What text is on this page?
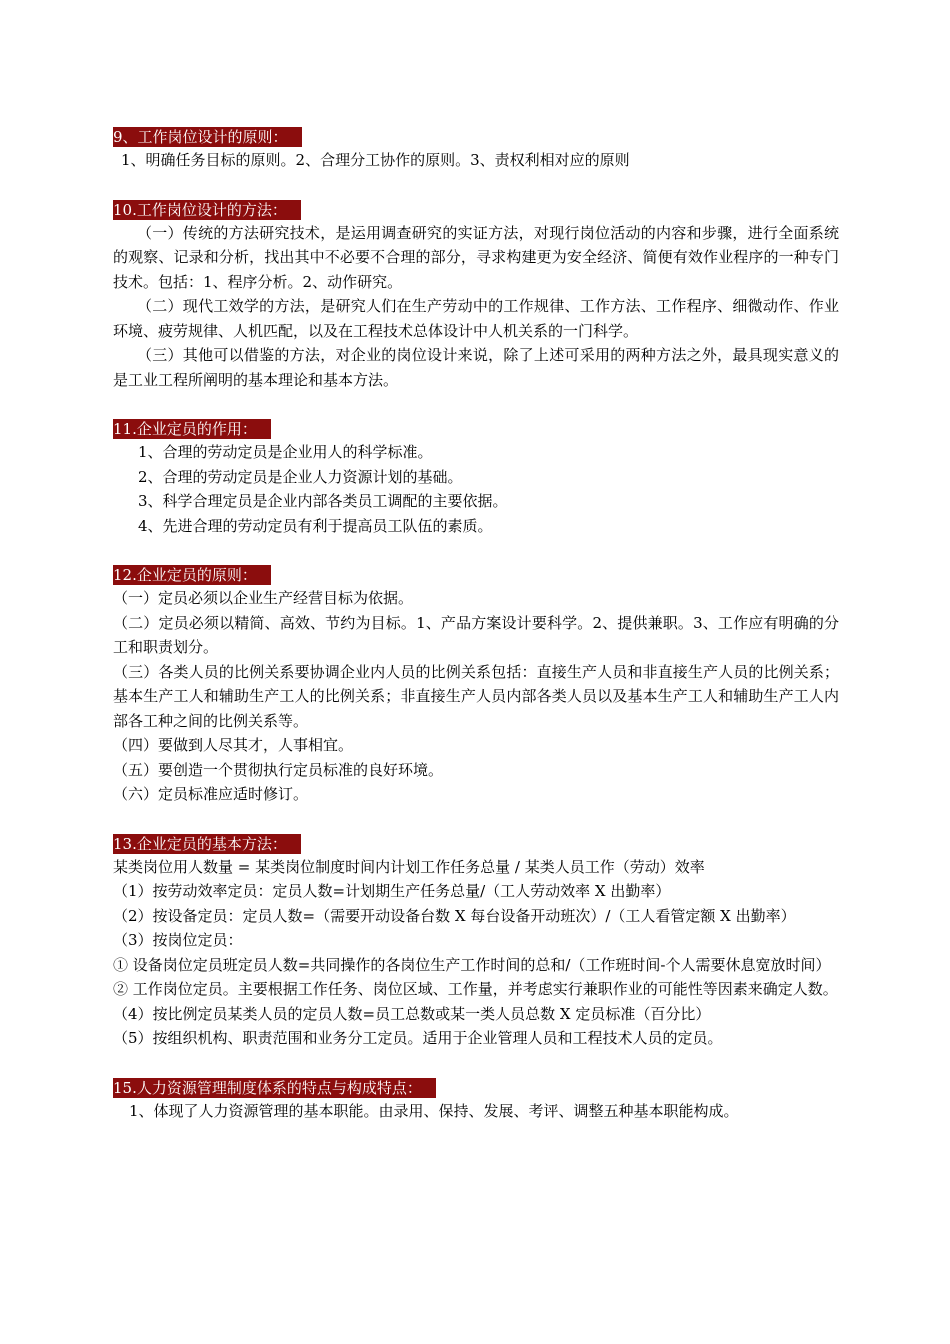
9、工作岗位设计的原则：

1、明确任务目标的原则。2、合理分工协作的原则。3、责权利相对应的原则

10.工作岗位设计的方法：

（一）传统的方法研究技术，是运用调查研究的实证方法，对现行岗位活动的内容和步骤，进行全面系统的观察、记录和分析，找出其中不必要不合理的部分，寻求构建更为安全经济、简便有效作业程序的一种专门技术。包括：1、程序分析。2、动作研究。

（二）现代工效学的方法，是研究人们在生产劳动中的工作规律、工作方法、工作程序、细微动作、作业环境、疲劳规律、人机匹配，以及在工程技术总体设计中人机关系的一门科学。

（三）其他可以借鉴的方法，对企业的岗位设计来说，除了上述可采用的两种方法之外，最具现实意义的是工业工程所阐明的基本理论和基本方法。

11.企业定员的作用：

1、合理的劳动定员是企业用人的科学标准。

2、合理的劳动定员是企业人力资源计划的基础。

3、科学合理定员是企业内部各类员工调配的主要依据。

4、先进合理的劳动定员有利于提高员工队伍的素质。

12.企业定员的原则：

（一）定员必须以企业生产经营目标为依据。

（二）定员必须以精简、高效、节约为目标。1、产品方案设计要科学。2、提供兼职。3、工作应有明确的分工和职责划分。

（三）各类人员的比例关系要协调企业内人员的比例关系包括：直接生产人员和非直接生产人员的比例关系；基本生产工人和辅助生产工人的比例关系；非直接生产人员内部各类人员以及基本生产工人和辅助生产工人内部各工种之间的比例关系等。

（四）要做到人尽其才，人事相宜。

（五）要创造一个贯彻执行定员标准的良好环境。

（六）定员标准应适时修订。

13.企业定员的基本方法：

某类岗位用人数量 = 某类岗位制度时间内计划工作任务总量 / 某类人员工作（劳动）效率

（1）按劳动效率定员：定员人数=计划期生产任务总量/（工人劳动效率 X 出勤率）

（2）按设备定员：定员人数=（需要开动设备台数 X 每台设备开动班次）/（工人看管定额 X 出勤率）

（3）按岗位定员：

① 设备岗位定员班定员人数=共同操作的各岗位生产工作时间的总和/（工作班时间-个人需要休息宽放时间）

② 工作岗位定员。主要根据工作任务、岗位区域、工作量，并考虑实行兼职作业的可能性等因素来确定人数。

（4）按比例定员某类人员的定员人数=员工总数或某一类人员总数 X 定员标准（百分比）

（5）按组织机构、职责范围和业务分工定员。适用于企业管理人员和工程技术人员的定员。

15.人力资源管理制度体系的特点与构成特点：

1、体现了人力资源管理的基本职能。由录用、保持、发展、考评、调整五种基本职能构成。
